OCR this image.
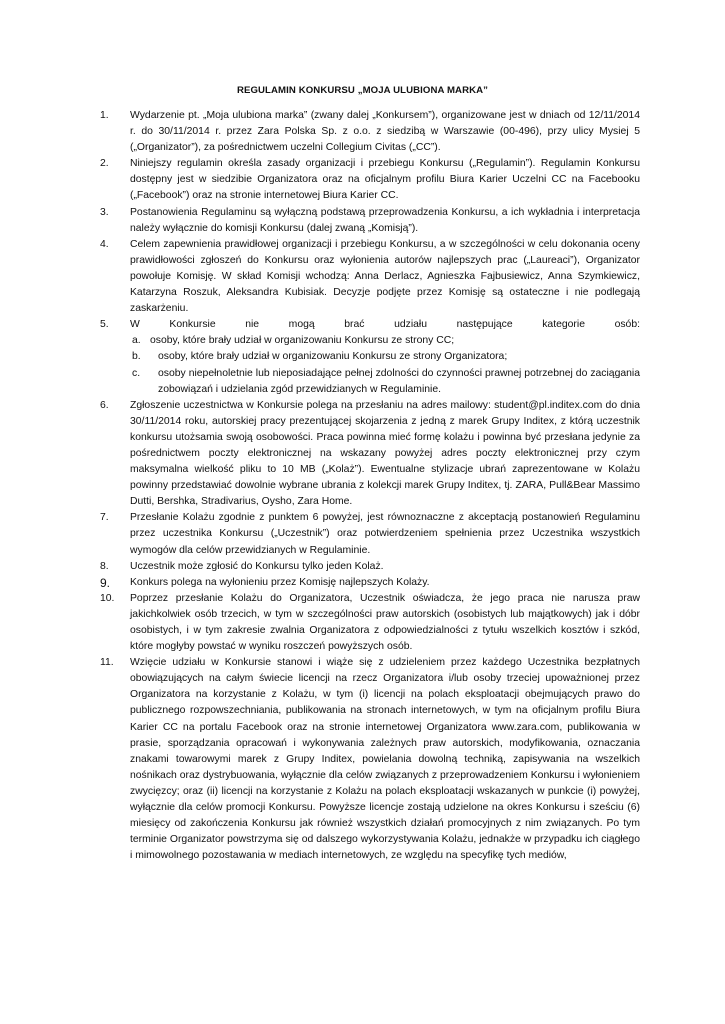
REGULAMIN KONKURSU „MOJA ULUBIONA MARKA”
1.	Wydarzenie pt. „Moja ulubiona marka” (zwany dalej „Konkursem”), organizowane jest w dniach od 12/11/2014 r. do 30/11/2014 r. przez Zara Polska Sp. z o.o. z siedzibą w Warszawie (00-496), przy ulicy Mysiej 5 („Organizator”), za pośrednictwem uczelni Collegium Civitas („CC”).
2.	Niniejszy regulamin określa zasady organizacji i przebiegu Konkursu („Regulamin”). Regulamin Konkursu dostępny jest w siedzibie Organizatora oraz na oficjalnym profilu Biura Karier Uczelni CC na Facebooku („Facebook”) oraz na stronie internetowej Biura Karier CC.
3.	Postanowienia Regulaminu są wyłączną podstawą przeprowadzenia Konkursu, a ich wykładnia i interpretacja należy wyłącznie do komisji Konkursu (dalej zwaną „Komisją”).
4.	Celem zapewnienia prawidłowej organizacji i przebiegu Konkursu, a w szczególności w celu dokonania oceny prawidłowości zgłoszeń do Konkursu oraz wyłonienia autorów najlepszych prac („Laureaci”), Organizator powołuje Komisję. W skład Komisji wchodzą: Anna Derlacz, Agnieszka Fajbusiewicz, Anna Szymkiewicz, Katarzyna Roszuk, Aleksandra Kubisiak. Decyzje podjęte przez Komisję są ostateczne i nie podlegają zaskarżeniu.
5.	W Konkursie nie mogą brać udziału następujące kategorie osób:
a. osoby, które brały udział w organizowaniu Konkursu ze strony CC;
b. osoby, które brały udział w organizowaniu Konkursu ze strony Organizatora;
c. osoby niepełnoletnie lub nieposiadające pełnej zdolności do czynności prawnej potrzebnej do zaciągania zobowiązań i udzielania zgód przewidzianych w Regulaminie.
6.	Zgłoszenie uczestnictwa w Konkursie polega na przesłaniu na adres mailowy: student@pl.inditex.com do dnia 30/11/2014 roku, autorskiej pracy prezentującej skojarzenia z jedną z marek Grupy Inditex, z którą uczestnik konkursu utożsamia swoją osobowości. Praca powinna mieć formę kolażu i powinna być przesłana jedynie za pośrednictwem poczty elektronicznej na wskazany powyżej adres poczty elektronicznej przy czym maksymalna wielkość pliku to 10 MB („Kolaż”). Ewentualne stylizacje ubrań zaprezentowane w Kolażu powinny przedstawiać dowolnie wybrane ubrania z kolekcji marek Grupy Inditex, tj. ZARA, Pull&Bear Massimo Dutti, Bershka, Stradivarius, Oysho, Zara Home.
7.	Przesłanie Kolażu zgodnie z punktem 6 powyżej, jest równoznaczne z akceptacją postanowień Regulaminu przez uczestnika Konkursu („Uczestnik”) oraz potwierdzeniem spełnienia przez Uczestnika wszystkich wymogów dla celów przewidzianych w Regulaminie.
8.	Uczestnik może zgłosić do Konkursu tylko jeden Kolaż.
9.	Konkurs polega na wyłonieniu przez Komisję najlepszych Kolaży.
10.	Poprzez przesłanie Kolażu do Organizatora, Uczestnik oświadcza, że jego praca nie narusza praw jakichkolwiek osób trzecich, w tym w szczególności praw autorskich (osobistych lub majątkowych) jak i dóbr osobistych, i w tym zakresie zwalnia Organizatora z odpowiedzialności z tytułu wszelkich kosztów i szkód, które mogłyby powstać w wyniku roszczeń powyższych osób.
11.	Wzięcie udziału w Konkursie stanowi i wiąże się z udzieleniem przez każdego Uczestnika bezpłatnych obowiązujących na całym świecie licencji na rzecz Organizatora i/lub osoby trzeciej upoważnionej przez Organizatora na korzystanie z Kolażu, w tym (i) licencji na polach eksploatacji obejmujących prawo do publicznego rozpowszechniania, publikowania na stronach internetowych, w tym na oficjalnym profilu Biura Karier CC na portalu Facebook oraz na stronie internetowej Organizatora www.zara.com, publikowania w prasie, sporządzania opracowań i wykonywania zależnych praw autorskich, modyfikowania, oznaczania znakami towarowymi marek z Grupy Inditex, powielania dowolną techniką, zapisywania na wszelkich nośnikach oraz dystrybuowania, wyłącznie dla celów związanych z przeprowadzeniem Konkursu i wyłonieniem zwycięzcy; oraz (ii) licencji na korzystanie z Kolażu na polach eksploatacji wskazanych w punkcie (i) powyżej, wyłącznie dla celów promocji Konkursu. Powyższe licencje zostają udzielone na okres Konkursu i sześciu (6) miesięcy od zakończenia Konkursu jak również wszystkich działań promocyjnych z nim związanych. Po tym terminie Organizator powstrzyma się od dalszego wykorzystywania Kolażu, jednakże w przypadku ich ciągłego i mimowolnego pozostawania w mediach internetowych, ze względu na specyfikę tych mediów,
